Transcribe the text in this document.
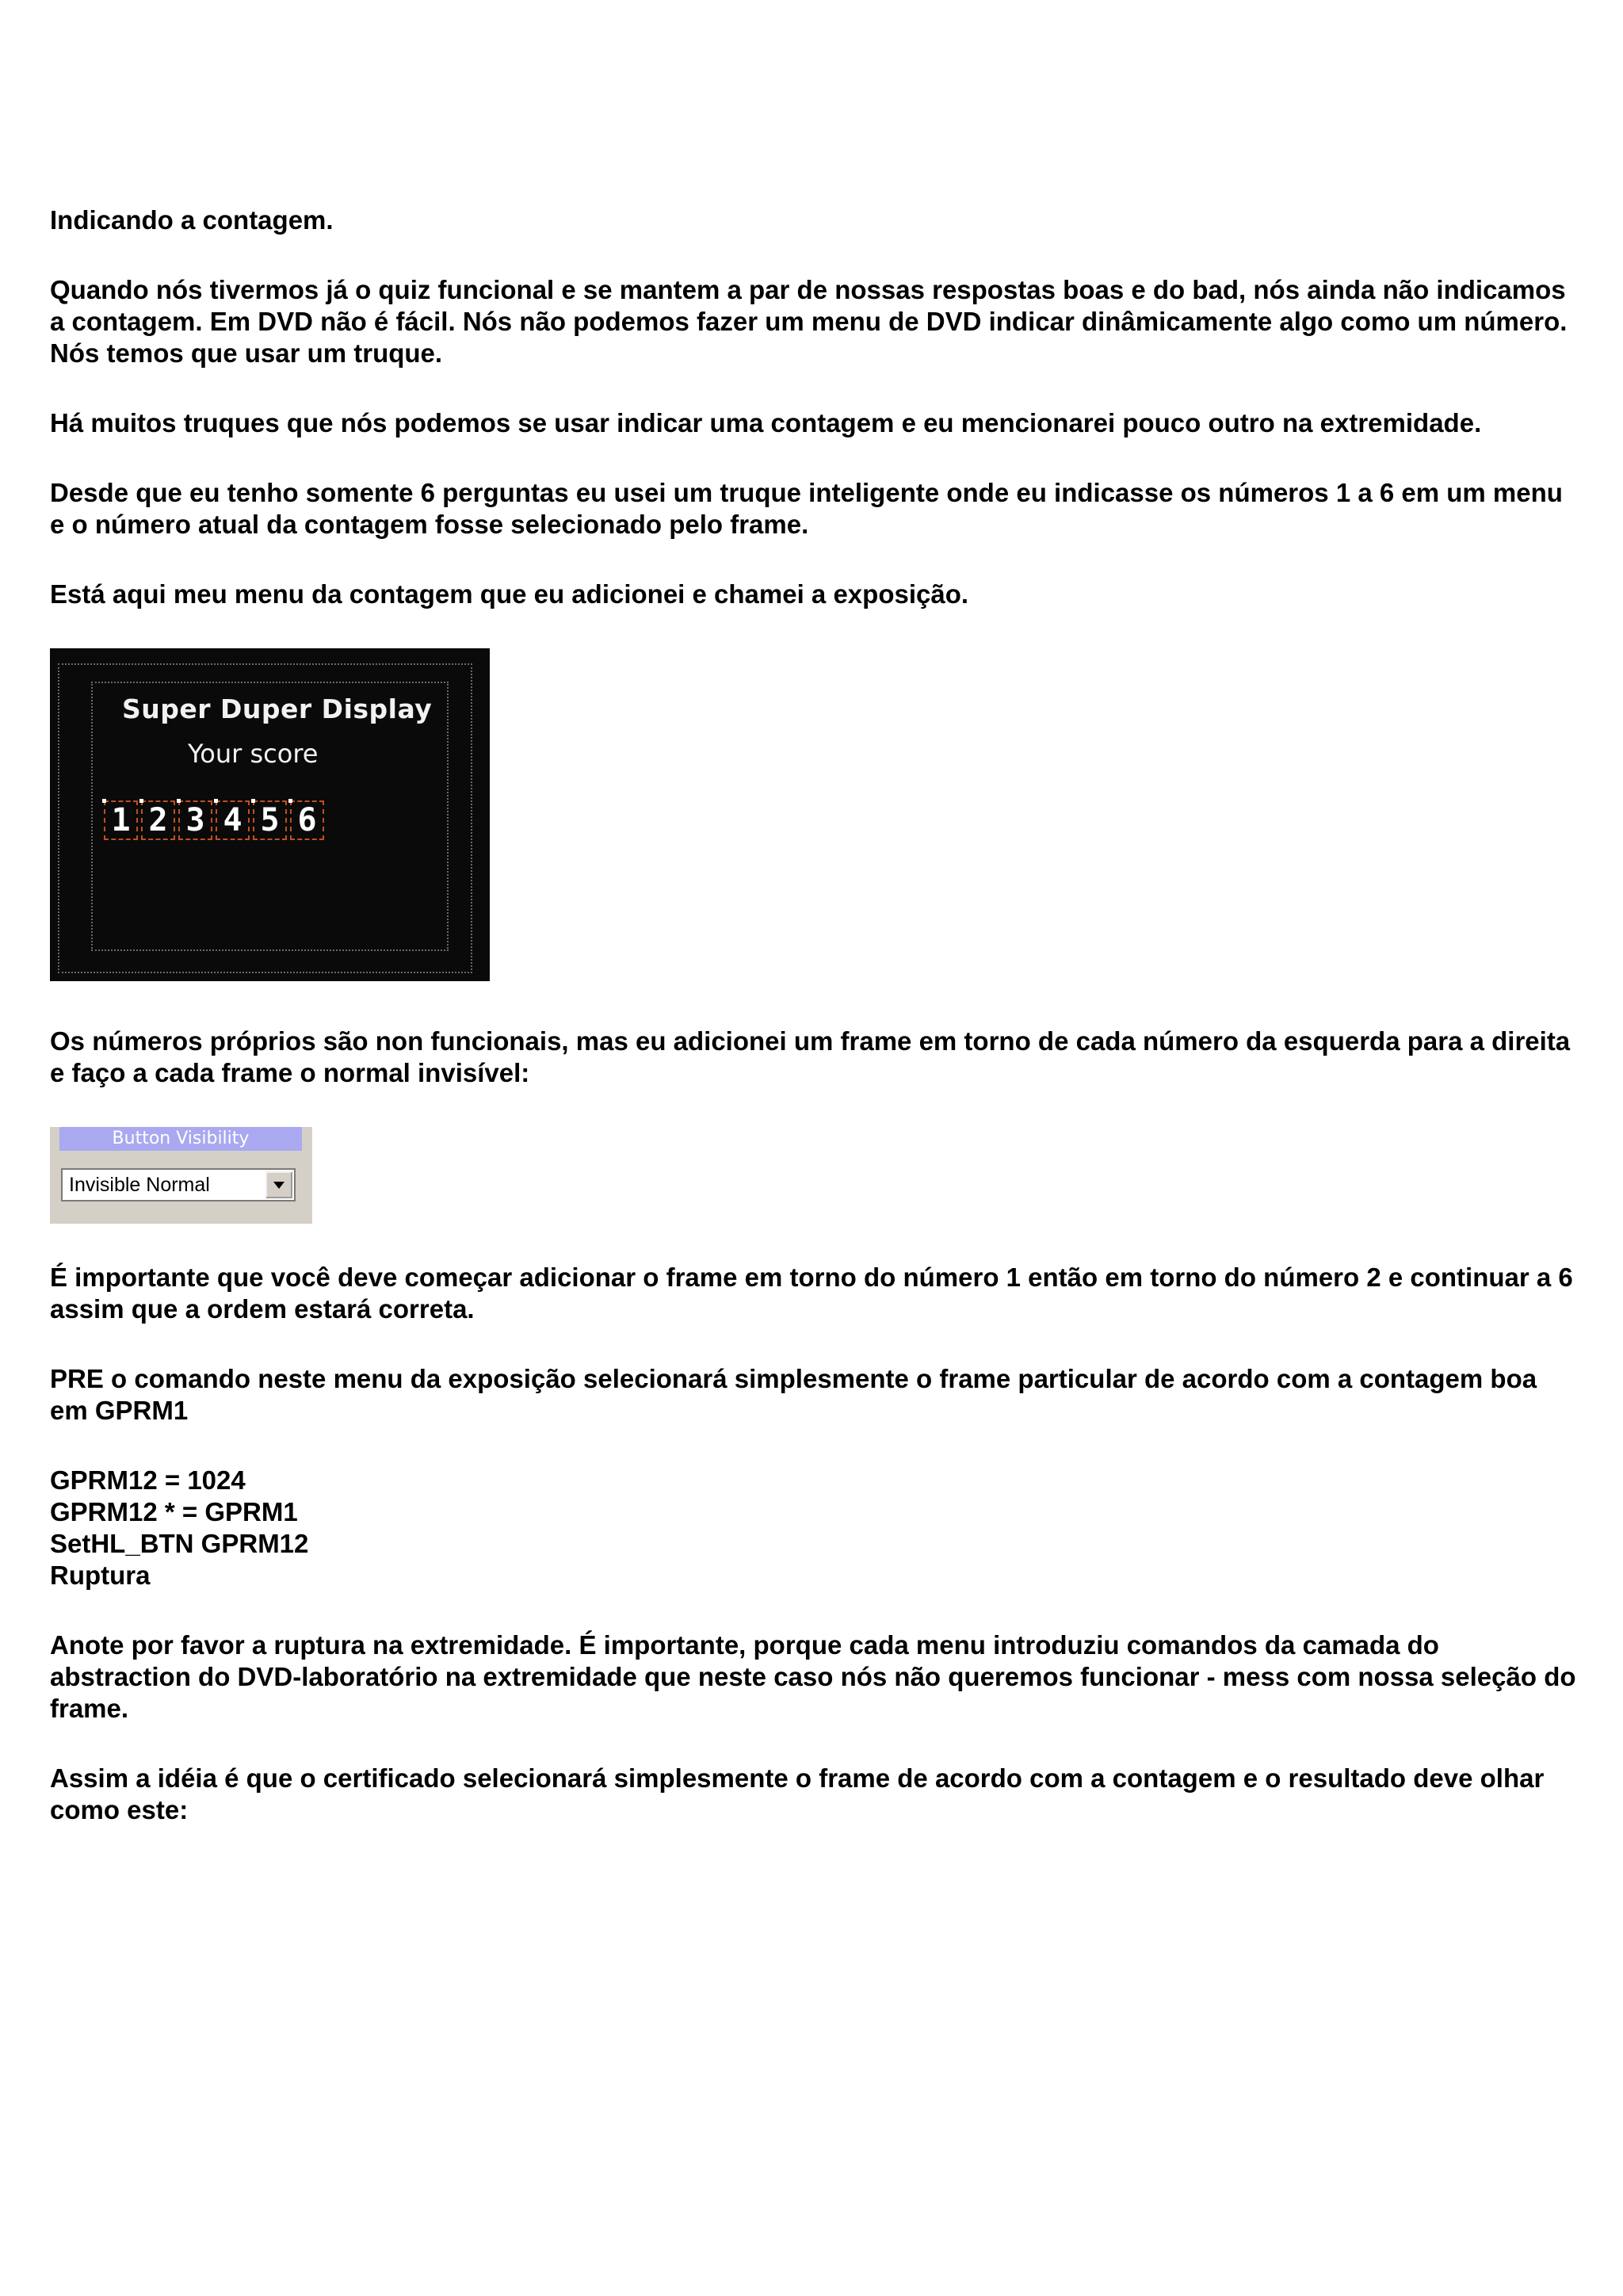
Indicando a contagem.

Quando nós tivermos já o quiz funcional e se mantem a par de nossas respostas boas e do bad, nós ainda não indicamos a contagem. Em DVD não é fácil. Nós não podemos fazer um menu de DVD indicar dinâmicamente algo como um número. Nós temos que usar um truque.

Há muitos truques que nós podemos se usar indicar uma contagem e eu mencionarei pouco outro na extremidade.

Desde que eu tenho somente 6 perguntas eu usei um truque inteligente onde eu indicasse os números 1 a 6 em um menu e o número atual da contagem fosse selecionado pelo frame.

Está aqui meu menu da contagem que eu adicionei e chamei a exposição.

Super Duper Display
Your score
1 2 3 4 5 6

Os números próprios são non funcionais, mas eu adicionei um frame em torno de cada número da esquerda para a direita e faço a cada frame o normal invisível:

Button Visibility
Invisible Normal

É importante que você deve começar adicionar o frame em torno do número 1 então em torno do número 2 e continuar a 6 assim que a ordem estará correta.

PRE o comando neste menu da exposição selecionará simplesmente o frame particular de acordo com a contagem boa em GPRM1

GPRM12 = 1024
GPRM12 * = GPRM1
SetHL_BTN GPRM12
Ruptura

Anote por favor a ruptura na extremidade. É importante, porque cada menu introduziu comandos da camada do abstraction do DVD-laboratório na extremidade que neste caso nós não queremos funcionar - mess com nossa seleção do frame.

Assim a idéia é que o certificado selecionará simplesmente o frame de acordo com a contagem e o resultado deve olhar como este:
